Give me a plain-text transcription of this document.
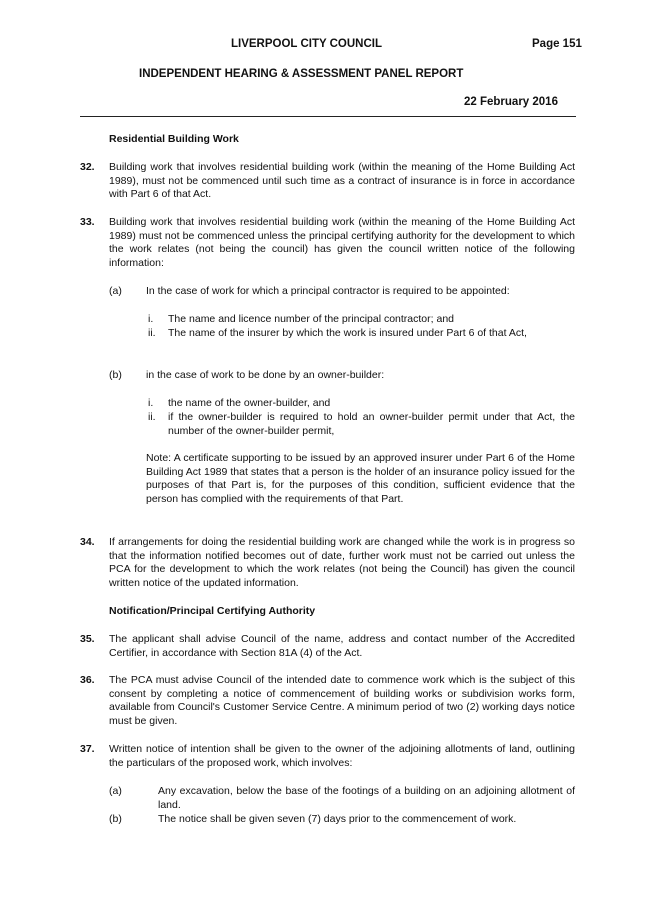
LIVERPOOL CITY COUNCIL	Page 151
INDEPENDENT HEARING & ASSESSMENT PANEL REPORT
22 February 2016
Residential Building Work
32. Building work that involves residential building work (within the meaning of the Home Building Act 1989), must not be commenced until such time as a contract of insurance is in force in accordance with Part 6 of that Act.
33. Building work that involves residential building work (within the meaning of the Home Building Act 1989) must not be commenced unless the principal certifying authority for the development to which the work relates (not being the council) has given the council written notice of the following information:
(a) In the case of work for which a principal contractor is required to be appointed:
i. The name and licence number of the principal contractor; and
ii. The name of the insurer by which the work is insured under Part 6 of that Act,
(b) in the case of work to be done by an owner-builder:
i. the name of the owner-builder, and
ii. if the owner-builder is required to hold an owner-builder permit under that Act, the number of the owner-builder permit,
Note: A certificate supporting to be issued by an approved insurer under Part 6 of the Home Building Act 1989 that states that a person is the holder of an insurance policy issued for the purposes of that Part is, for the purposes of this condition, sufficient evidence that the person has complied with the requirements of that Part.
34. If arrangements for doing the residential building work are changed while the work is in progress so that the information notified becomes out of date, further work must not be carried out unless the PCA for the development to which the work relates (not being the Council) has given the council written notice of the updated information.
Notification/Principal Certifying Authority
35. The applicant shall advise Council of the name, address and contact number of the Accredited Certifier, in accordance with Section 81A (4) of the Act.
36. The PCA must advise Council of the intended date to commence work which is the subject of this consent by completing a notice of commencement of building works or subdivision works form, available from Council's Customer Service Centre. A minimum period of two (2) working days notice must be given.
37. Written notice of intention shall be given to the owner of the adjoining allotments of land, outlining the particulars of the proposed work, which involves:
(a)	Any excavation, below the base of the footings of a building on an adjoining allotment of land.
(b)	The notice shall be given seven (7) days prior to the commencement of work.
